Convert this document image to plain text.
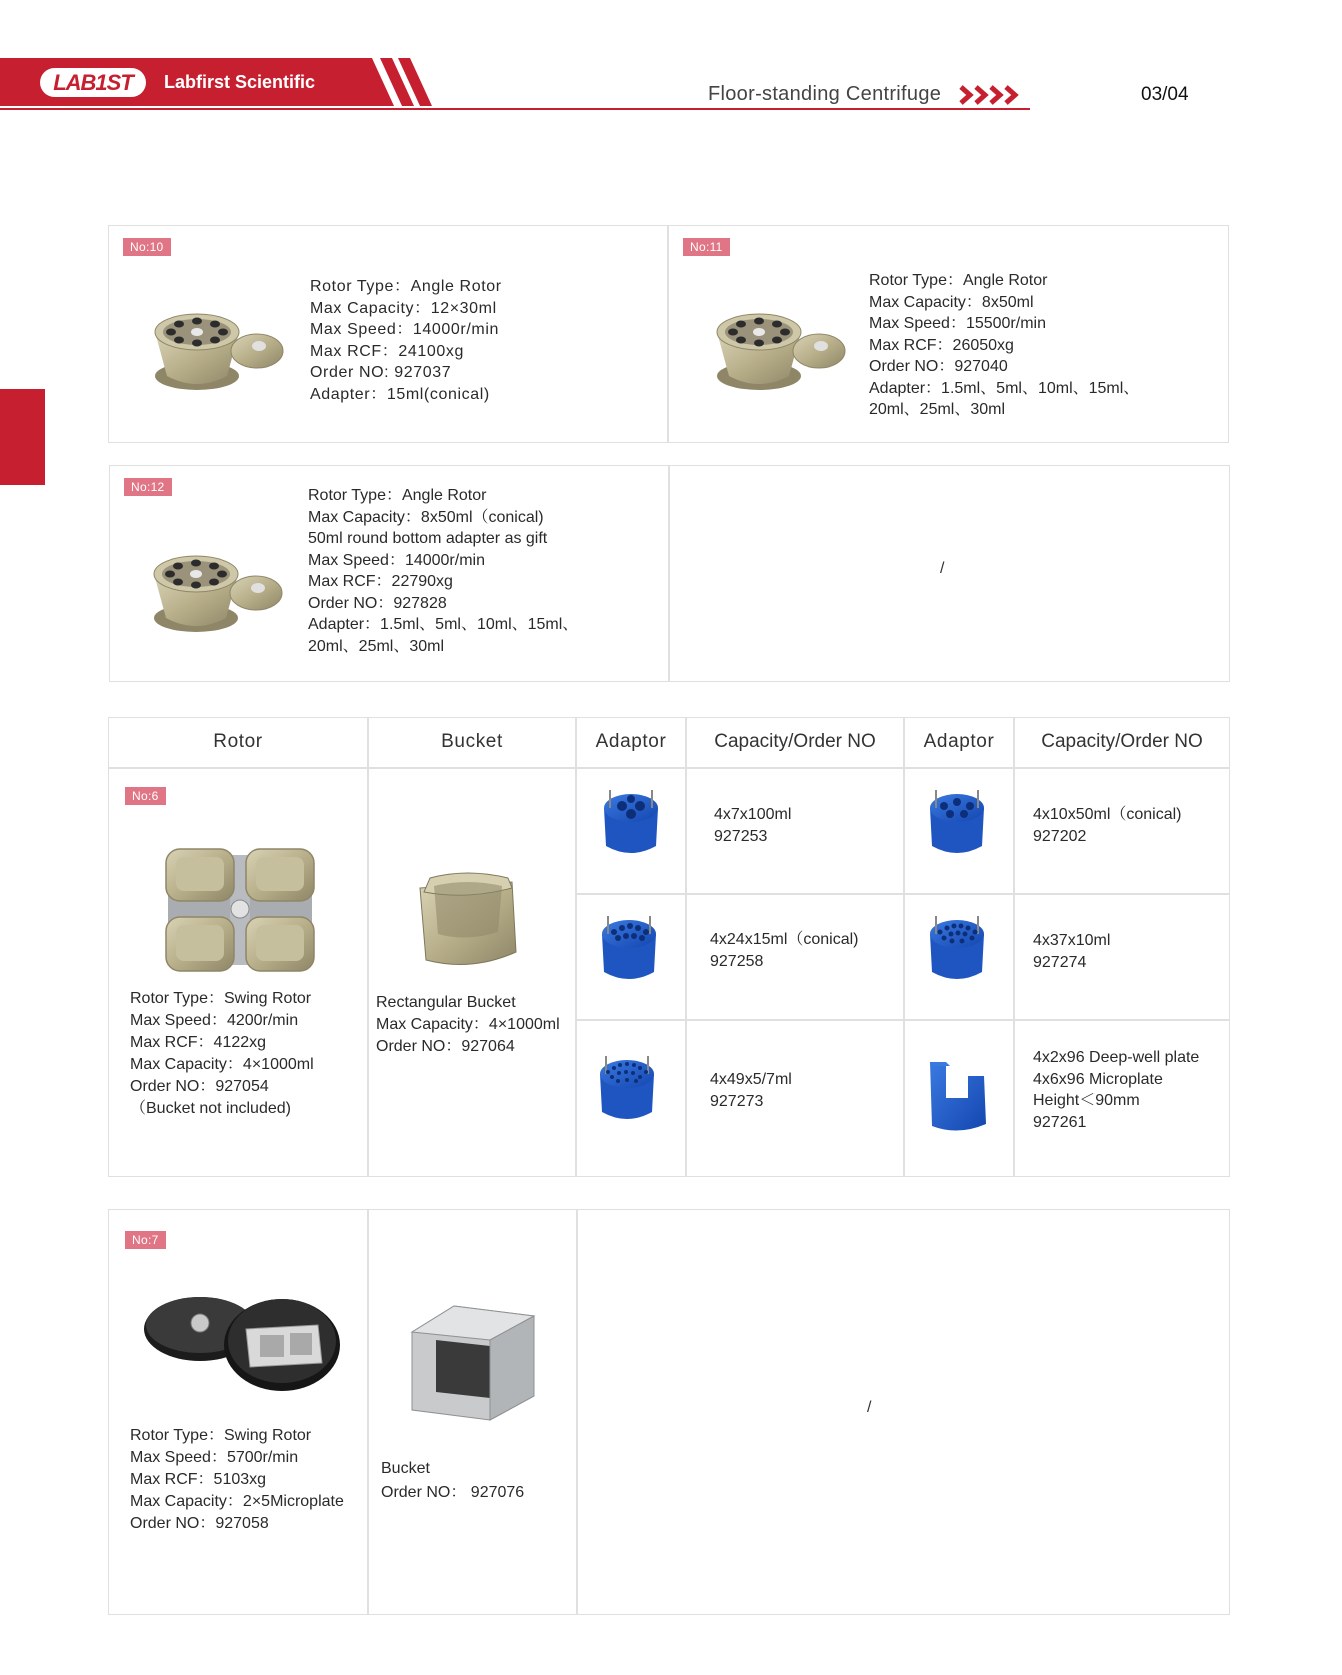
LAB1ST	Labfirst Scientific
Floor-standing Centrifuge	03/04
No:10
Rotor Type：Angle Rotor
Max Capacity：12×30ml
Max Speed：14000r/min
Max RCF：24100xg
Order NO: 927037
Adapter：15ml(conical)
No:11
Rotor Type：Angle Rotor
Max Capacity：8x50ml
Max Speed：15500r/min
Max RCF：26050xg
Order NO：927040
Adapter：1.5ml、5ml、10ml、15ml、
20ml、25ml、30ml
No:12	Rotor Type：Angle Rotor
Max Capacity：8x50ml（conical)
50ml round bottom adapter as gift
Max Speed：14000r/min
Max RCF：22790xg
Order NO：927828
Adapter：1.5ml、5ml、10ml、15ml、
20ml、25ml、30ml
/
Rotor	Bucket	Adaptor	Capacity/Order NO	Adaptor	Capacity/Order NO
No:6
Rotor Type：Swing Rotor
Max Speed：4200r/min
Max RCF：4122xg
Max Capacity：4×1000ml
Order NO：927054
（Bucket not included)
Rectangular Bucket
Max Capacity：4×1000ml
Order NO：927064
4x7x100ml
927253
4x10x50ml（conical)
927202
4x24x15ml（conical)
927258
4x37x10ml
927274
4x49x5/7ml
927273
4x2x96 Deep-well plate
4x6x96 Microplate
Height＜90mm
927261
No:7
Rotor Type：Swing Rotor
Max Speed：5700r/min
Max RCF：5103xg
Max Capacity：2×5Microplate
Order NO：927058
Bucket
Order NO： 927076
/
